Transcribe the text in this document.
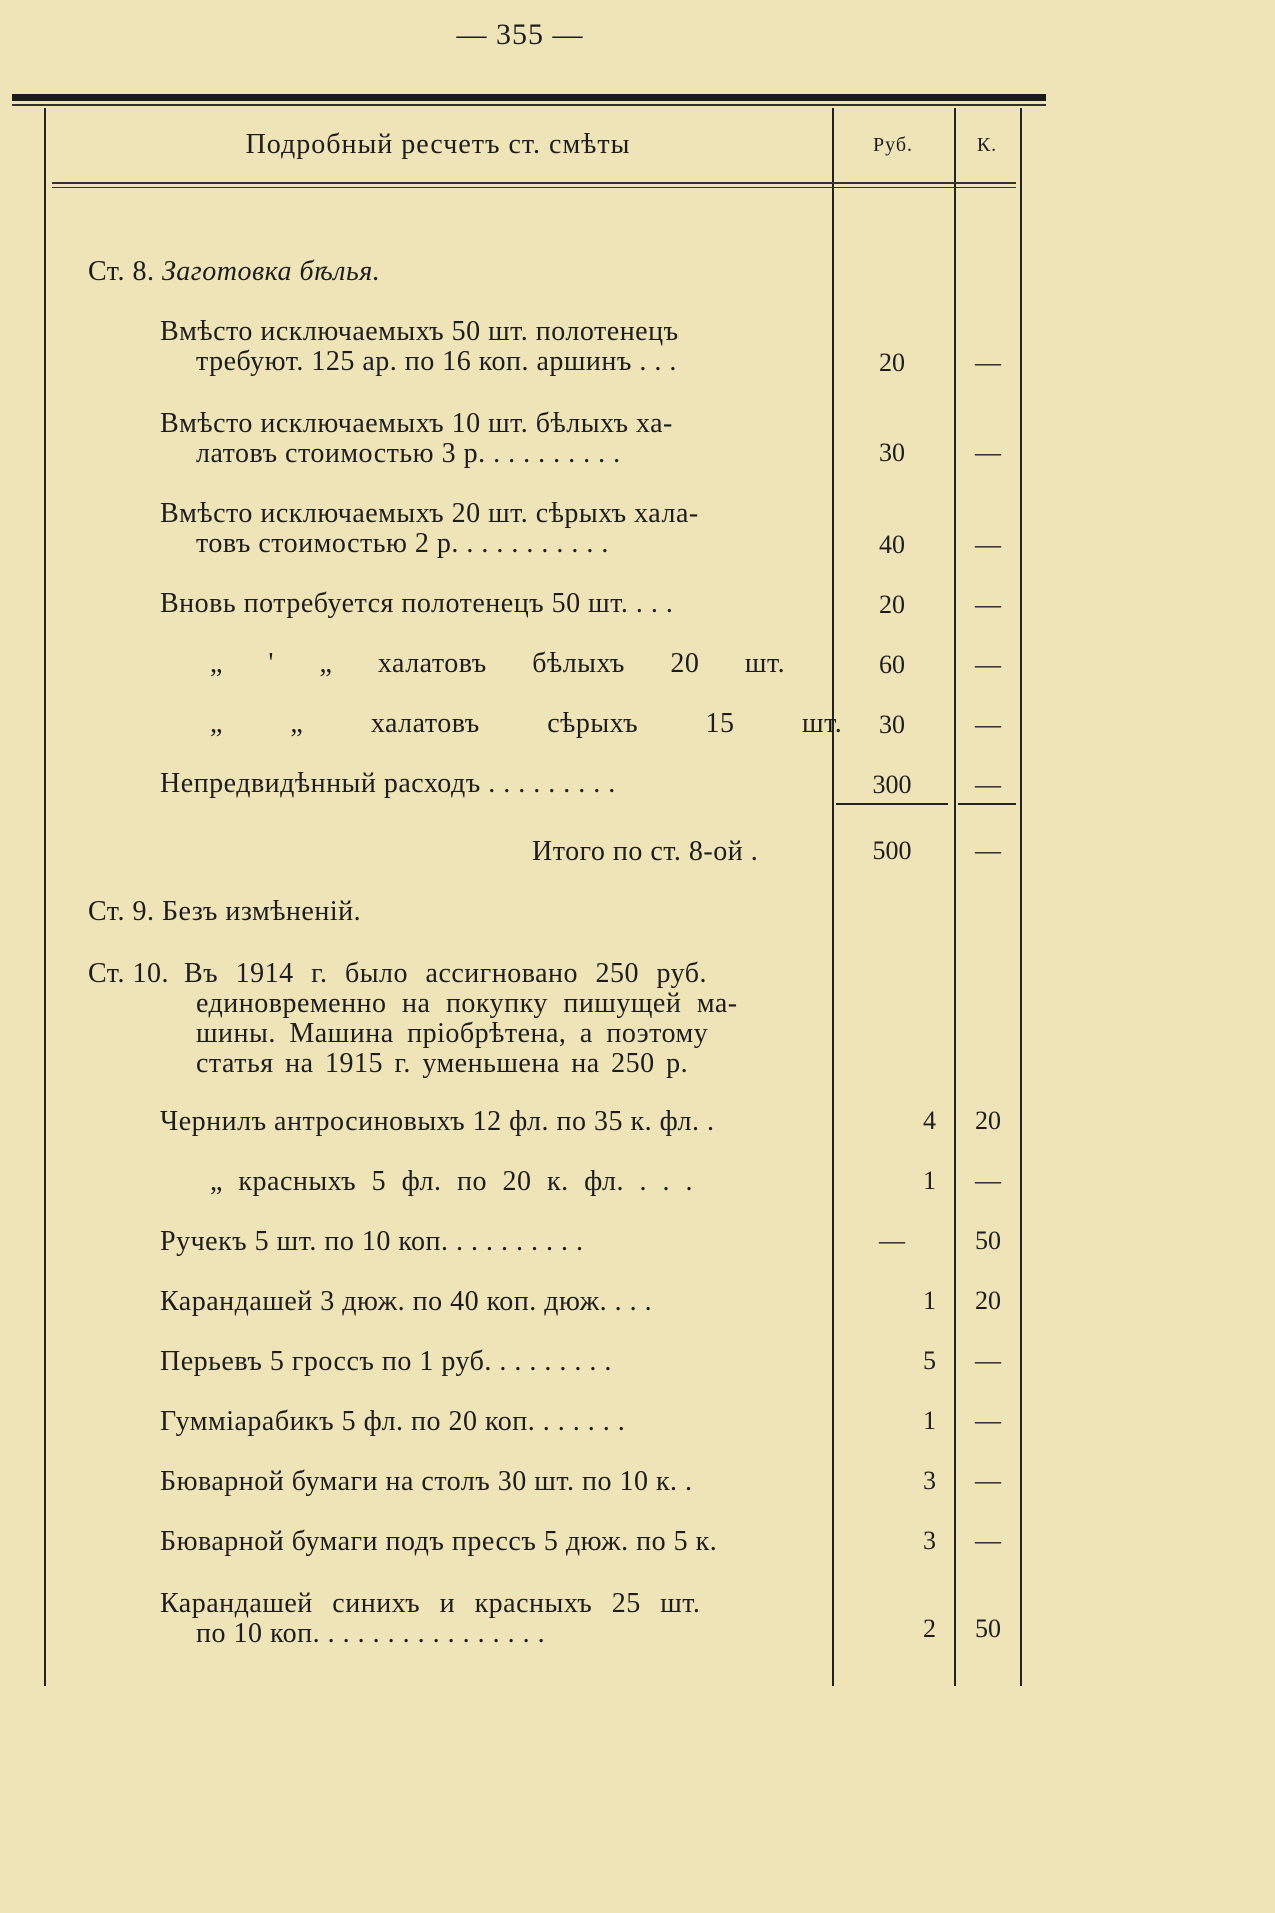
— 355 —
Подробный ресчетъ ст. смѣты	Руб.	К.
Ст. 8. Заготовка бѣлья.
Вмѣсто исключаемыхъ 50 шт. полотенецъ
требуют. 125 ар. по 16 коп. аршинъ . . .	20	—
Вмѣсто исключаемыхъ 10 шт. бѣлыхъ ха-
латовъ стоимостью 3 р. . . . . . . . . .	30	—
Вмѣсто исключаемыхъ 20 шт. сѣрыхъ хала-
товъ стоимостью 2 р. . . . . . . . . . .	40	—
Вновь потребуется полотенецъ 50 шт. . . .	20	—
„ ' „ халатовъ бѣлыхъ 20 шт.	60	—
„ „ халатовъ сѣрыхъ 15 шт.	30	—
Непредвидѣнный расходъ . . . . . . . . .	300	—
Итого по ст. 8-ой .	500	—
Ст. 9. Безъ измѣненій.
Ст. 10. Въ 1914 г. было ассигновано 250 руб.
единовременно на покупку пишущей ма-
шины. Машина пріобрѣтена, а поэтому
статья на 1915 г. уменьшена на 250 р.
Чернилъ антросиновыхъ 12 фл. по 35 к. фл. .	4	20
„ красныхъ 5 фл. по 20 к. фл. . . .	1	—
Ручекъ 5 шт. по 10 коп. . . . . . . . . .	—	50
Карандашей 3 дюж. по 40 коп. дюж. . . .	1	20
Перьевъ 5 гроссъ по 1 руб. . . . . . . . .	5	—
Гумміарабикъ 5 фл. по 20 коп. . . . . . .	1	—
Бюварной бумаги на столъ 30 шт. по 10 к. .	3	—
Бюварной бумаги подъ прессъ 5 дюж. по 5 к.	3	—
Карандашей синихъ и красныхъ 25 шт.
по 10 коп. . . . . . . . . . . . . . . .	2	50
